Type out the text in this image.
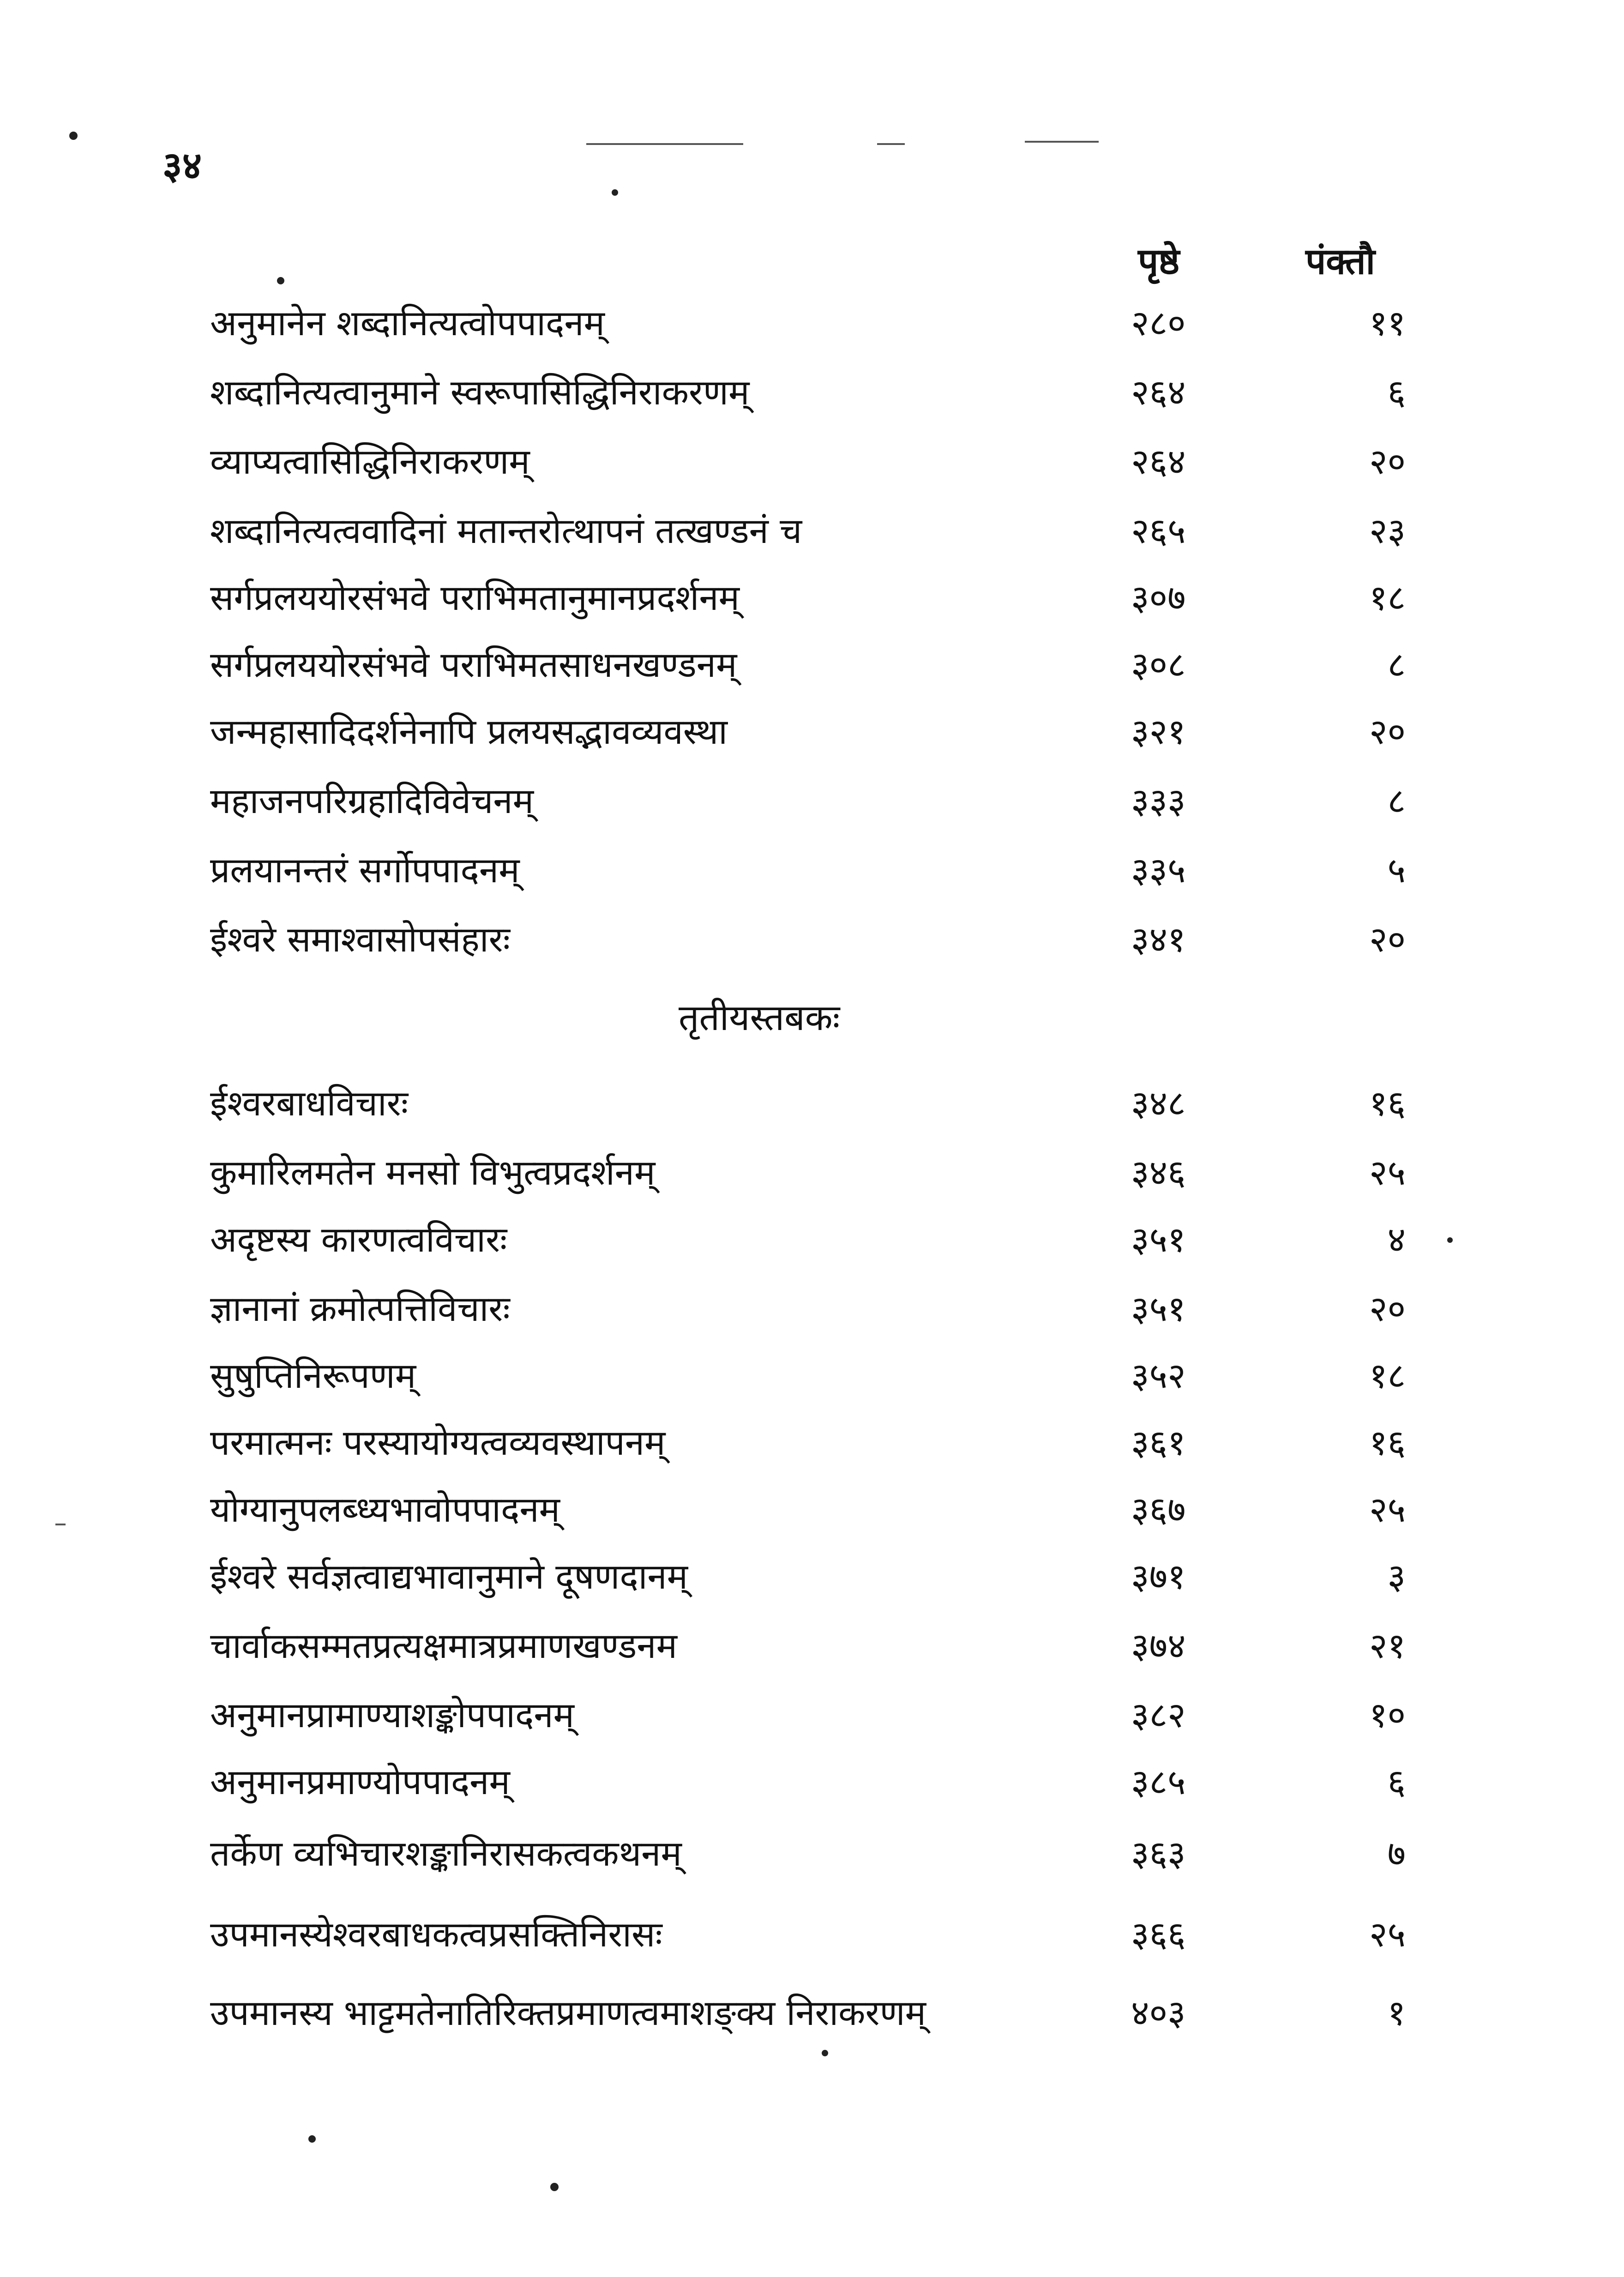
३४
पृष्ठे	पंक्तौ
अनुमानेन शब्दानित्यत्वोपपादनम्	२८०	११
शब्दानित्यत्वानुमाने स्वरूपासिद्धिनिराकरणम्	२६४	६
व्याप्यत्वासिद्धिनिराकरणम्	२६४	२०
शब्दानित्यत्ववादिनां मतान्तरोत्थापनं तत्खण्डनं च	२६५	२३
सर्गप्रलययोरसंभवे पराभिमतानुमानप्रदर्शनम्	३०७	१८
सर्गप्रलययोरसंभवे पराभिमतसाधनखण्डनम्	३०८	८
जन्महासादिदर्शनेनापि प्रलयसद्भावव्यवस्था	३२१	२०
महाजनपरिग्रहादिविवेचनम्	३३३	८
प्रलयानन्तरं सर्गोपपादनम्	३३५	५
ईश्वरे समाश्वासोपसंहारः	३४१	२०
तृतीयस्तबकः
ईश्वरबाधविचारः	३४८	१६
कुमारिलमतेन मनसो विभुत्वप्रदर्शनम्	३४६	२५
अदृष्टस्य कारणत्वविचारः	३५१	४
ज्ञानानां क्रमोत्पत्तिविचारः	३५१	२०
सुषुप्तिनिरूपणम्	३५२	१८
परमात्मनः परस्यायोग्यत्वव्यवस्थापनम्	३६१	१६
योग्यानुपलब्ध्यभावोपपादनम्	३६७	२५
ईश्वरे सर्वज्ञत्वाद्यभावानुमाने दूषणदानम्	३७१	३
चार्वाकसम्मतप्रत्यक्षमात्रप्रमाणखण्डनम	३७४	२१
अनुमानप्रामाण्याशङ्कोपपादनम्	३८२	१०
अनुमानप्रमाण्योपपादनम्	३८५	६
तर्केण व्यभिचारशङ्कानिरासकत्वकथनम्	३६३	७
उपमानस्येश्वरबाधकत्वप्रसक्तिनिरासः	३६६	२५
उपमानस्य भाट्टमतेनातिरिक्तप्रमाणत्वमाशङ्क्य निराकरणम्	४०३	१
